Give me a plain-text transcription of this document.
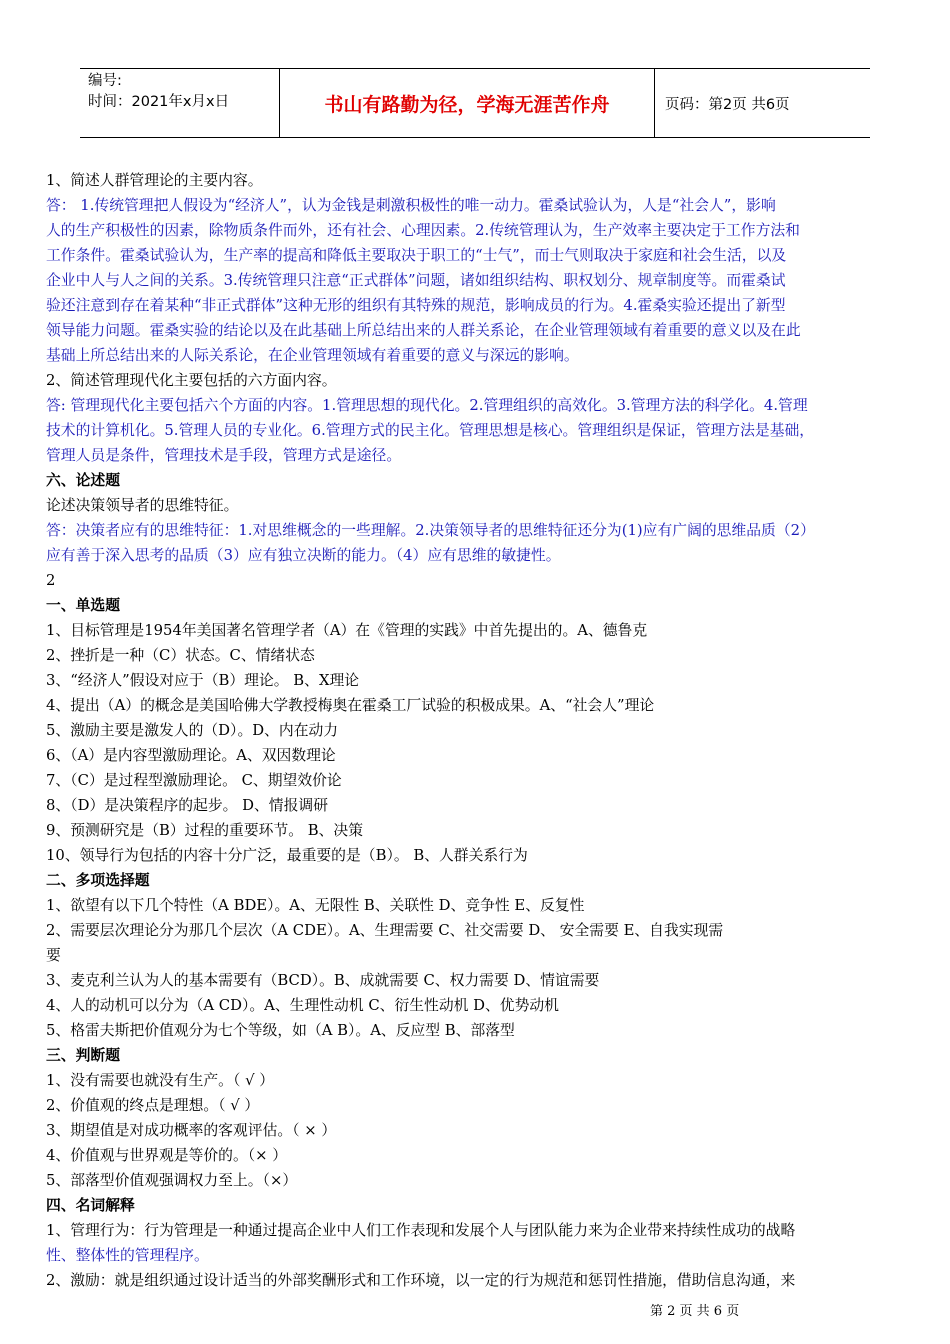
编号:
时间：2021年x月x日	书山有路勤为径，学海无涯苦作舟	页码：第2页 共6页
1、简述人群管理论的主要内容。
答： 1.传统管理把人假设为“经济人”，认为金钱是刺激积极性的唯一动力。霍桑试验认为，人是“社会人”，影响
人的生产积极性的因素，除物质条件而外，还有社会、心理因素。2.传统管理认为，生产效率主要决定于工作方法和
工作条件。霍桑试验认为，生产率的提高和降低主要取决于职工的“士气”，而士气则取决于家庭和社会生活，以及
企业中人与人之间的关系。3.传统管理只注意“正式群体”问题，诸如组织结构、职权划分、规章制度等。而霍桑试
验还注意到存在着某种“非正式群体”这种无形的组织有其特殊的规范，影响成员的行为。4.霍桑实验还提出了新型
领导能力问题。霍桑实验的结论以及在此基础上所总结出来的人群关系论，在企业管理领域有着重要的意义以及在此
基础上所总结出来的人际关系论，在企业管理领域有着重要的意义与深远的影响。
2、简述管理现代化主要包括的六方面内容。
答: 管理现代化主要包括六个方面的内容。1.管理思想的现代化。2.管理组织的高效化。3.管理方法的科学化。4.管理
技术的计算机化。5.管理人员的专业化。6.管理方式的民主化。管理思想是核心。管理组织是保证，管理方法是基础，
管理人员是条件，管理技术是手段，管理方式是途径。
六、论述题
论述决策领导者的思维特征。
答：决策者应有的思维特征：1.对思维概念的一些理解。2.决策领导者的思维特征还分为(1)应有广阔的思维品质（2）
应有善于深入思考的品质（3）应有独立决断的能力。（4）应有思维的敏捷性。
2
一、单选题
1、目标管理是1954年美国著名管理学者（A）在《管理的实践》中首先提出的。A、德鲁克
2、挫折是一种（C）状态。C、情绪状态
3、“经济人”假设对应于（B）理论。 B、X理论
4、提出（A）的概念是美国哈佛大学教授梅奥在霍桑工厂试验的积极成果。A、“社会人”理论
5、激励主要是激发人的（D）。D、内在动力
6、（A）是内容型激励理论。A、双因数理论
7、（C）是过程型激励理论。 C、期望效价论
8、（D）是决策程序的起步。 D、情报调研
9、预测研究是（B）过程的重要环节。 B、决策
10、领导行为包括的内容十分广泛，最重要的是（B）。 B、人群关系行为
二、多项选择题
1、欲望有以下几个特性（A BDE）。A、无限性 B、关联性 D、竞争性 E、反复性
2、需要层次理论分为那几个层次（A CDE）。A、生理需要 C、社交需要 D、 安全需要 E、自我实现需
要
3、麦克利兰认为人的基本需要有（BCD）。B、成就需要 C、权力需要 D、情谊需要
4、人的动机可以分为（A CD）。A、生理性动机 C、衍生性动机 D、优势动机
5、格雷夫斯把价值观分为七个等级，如（A B）。A、反应型 B、部落型
三、判断题
1、没有需要也就没有生产。（ √ ）
2、价值观的终点是理想。（ √ ）
3、期望值是对成功概率的客观评估。（ × ）
4、价值观与世界观是等价的。（× ）
5、部落型价值观强调权力至上。（×）
四、名词解释
1、管理行为：行为管理是一种通过提高企业中人们工作表现和发展个人与团队能力来为企业带来持续性成功的战略
性、整体性的管理程序。
2、激励：就是组织通过设计适当的外部奖酬形式和工作环境，以一定的行为规范和惩罚性措施，借助信息沟通，来
第 2 页 共 6 页
